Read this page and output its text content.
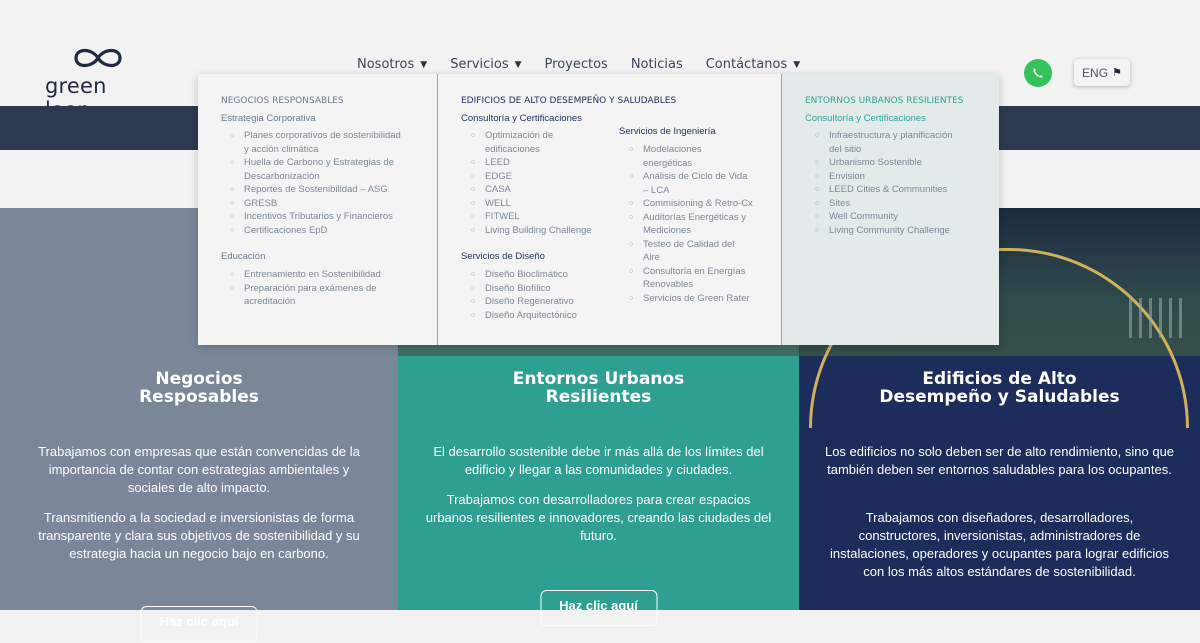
green
Nosotros ▼ Servicios ▼ Proyectos Noticias Contáctanos ▼
ENG ⚑
Negocios
Resposables
Trabajamos con empresas que están convencidas de la importancia de contar con estrategias ambientales y sociales de alto impacto.
Transmitiendo a la sociedad e inversionistas de forma transparente y clara sus objetivos de sostenibilidad y su estrategia hacia un negocio bajo en carbono.
Haz clic aquí
Entornos Urbanos
Resilientes
El desarrollo sostenible debe ir más allá de los límites del edificio y llegar a las comunidades y ciudades.
Trabajamos con desarrolladores para crear espacios urbanos resilientes e innovadores, creando las ciudades del futuro.
Haz clic aquí
Edificios de Alto
Desempeño y Saludables
Los edificios no solo deben ser de alto rendimiento, sino que también deben ser entornos saludables para los ocupantes.
Trabajamos con diseñadores, desarrolladores, constructores, inversionistas, administradores de instalaciones, operadores y ocupantes para lograr edificios con los más altos estándares de sostenibilidad.
NEGOCIOS RESPONSABLES
Estrategia Corporativa
○ Planes corporativos de sostenibilidad
y acción climática
○ Huella de Carbono y Estrategias de
Descarbonización
○ Reportes de Sostenibilidad – ASG
○ GRESB
○ Incentivos Tributarios y Financieros
○ Certificaciones EpD
Educación
○ Entrenamiento en Sostenibilidad
○ Preparación para exámenes de
acreditación
EDIFICIOS DE ALTO DESEMPEÑO Y SALUDABLES
Consultoría y Certificaciones
○ Optimización de
edificaciones
○ LEED
○ EDGE
○ CASA
○ WELL
○ FITWEL
○ Living Building Challenge
Servicios de Diseño
○ Diseño Bioclimático
○ Diseño Biofílico
○ Diseño Regenerativo
○ Diseño Arquitectónico
Servicios de Ingeniería
○ Modelaciones
energéticas
○ Análisis de Ciclo de Vida
– LCA
○ Commisioning & Retro-Cx
○ Auditorías Energéticas y
Mediciones
○ Testeo de Calidad del
Aire
○ Consultoría en Energías
Renovables
○ Servicios de Green Rater
ENTORNOS URBANOS RESILIENTES
Consultoría y Certificaciones
○ Infraestructura y planificación
del sitio
○ Urbanismo Sostenible
○ Envision
○ LEED Cities & Communities
○ Sites
○ Well Community
○ Living Community Challenge
